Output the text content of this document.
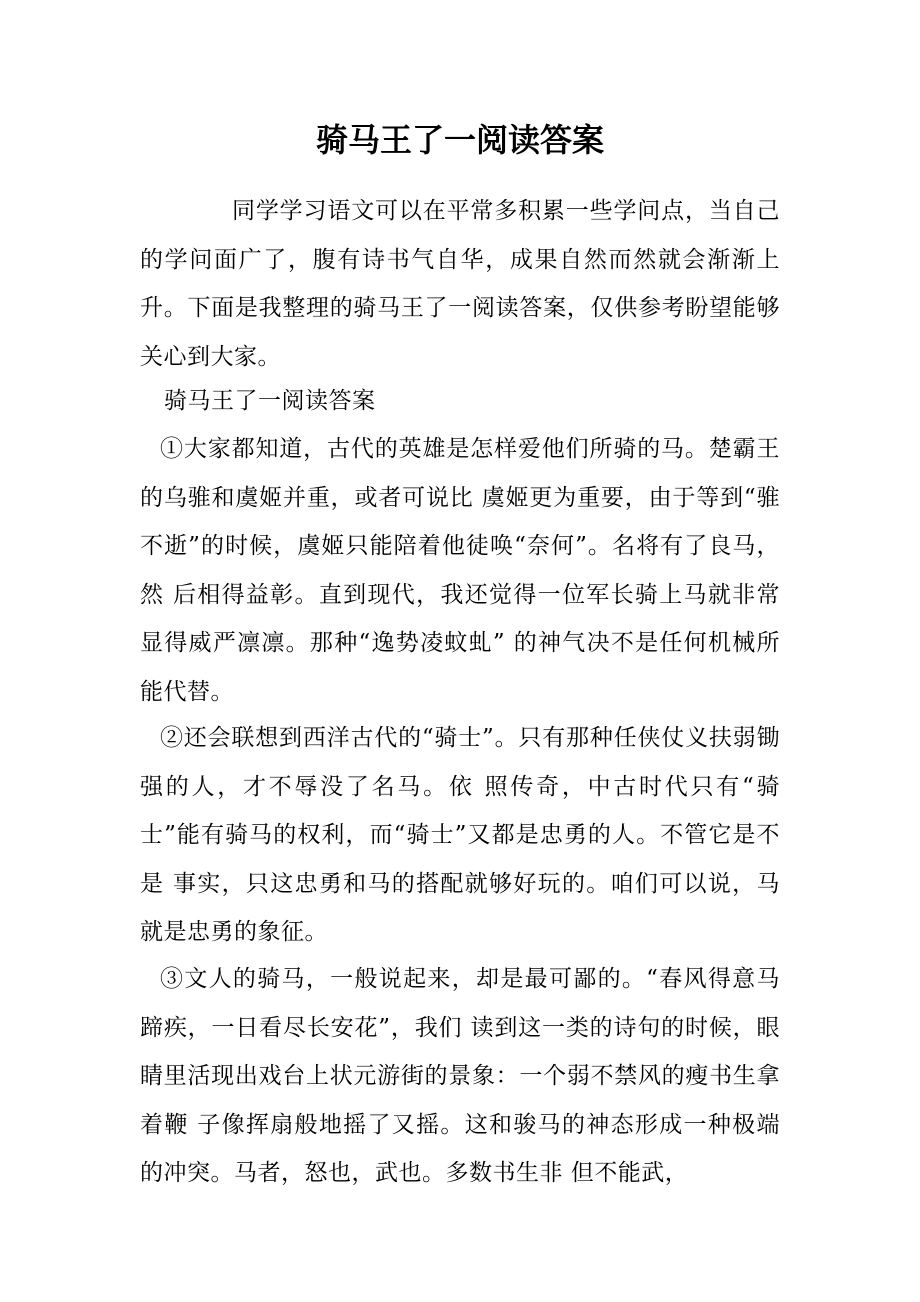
骑马王了一阅读答案

同学学习语文可以在平常多积累一些学问点，当自己的学问面广了，腹有诗书气自华，成果自然而然就会渐渐上升。下面是我整理的骑马王了一阅读答案，仅供参考盼望能够关心到大家。

骑马王了一阅读答案

①大家都知道，古代的英雄是怎样爱他们所骑的马。楚霸王的乌骓和虞姬并重，或者可说比 虞姬更为重要，由于等到“骓不逝”的时候，虞姬只能陪着他徒唤“奈何”。名将有了良马，然 后相得益彰。直到现代，我还觉得一位军长骑上马就非常显得威严凛凛。那种“逸势凌蚊虬” 的神气决不是任何机械所能代替。

②还会联想到西洋古代的“骑士”。只有那种任侠仗义扶弱锄强的人，才不辱没了名马。依 照传奇，中古时代只有“骑士”能有骑马的权利，而“骑士”又都是忠勇的人。不管它是不是 事实，只这忠勇和马的搭配就够好玩的。咱们可以说，马就是忠勇的象征。

③文人的骑马，一般说起来，却是最可鄙的。“春风得意马蹄疾，一日看尽长安花”，我们 读到这一类的诗句的时候，眼睛里活现出戏台上状元游街的景象：一个弱不禁风的瘦书生拿着鞭 子像挥扇般地摇了又摇。这和骏马的神态形成一种极端的冲突。马者，怒也，武也。多数书生非 但不能武，
